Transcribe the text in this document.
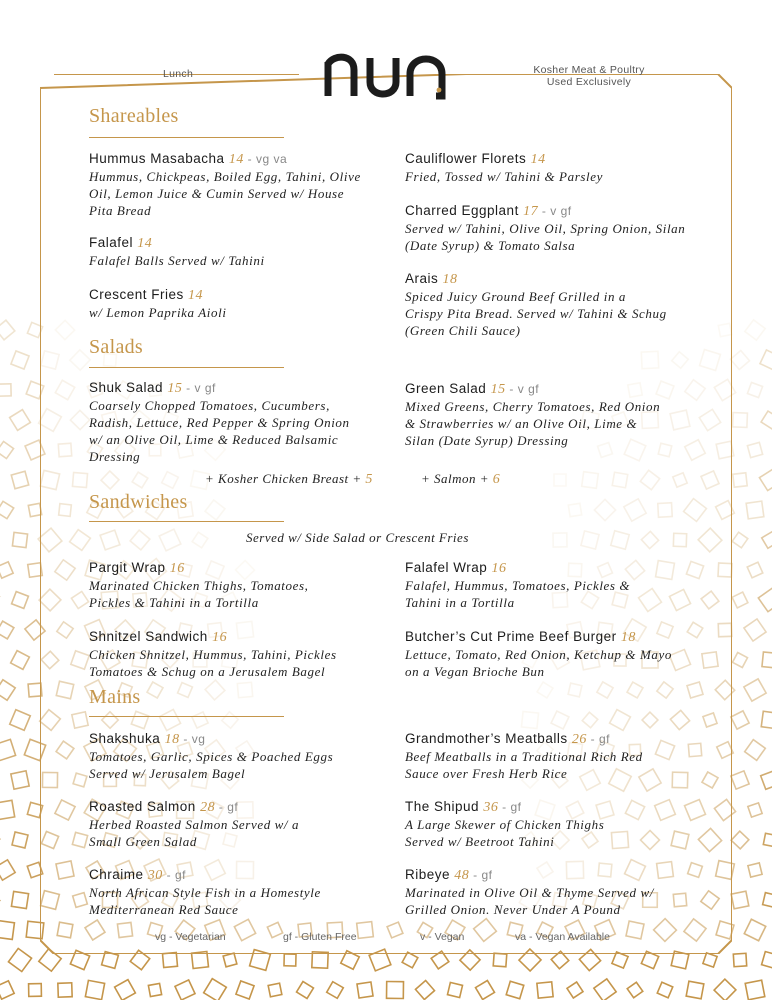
Lunch	Kosher Meat & Poultry
Used Exclusively
Shareables
Hummus Masabacha 14 - vg va
Hummus, Chickpeas, Boiled Egg, Tahini, Olive Oil, Lemon Juice & Cumin Served w/ House Pita Bread
Falafel 14
Falafel Balls Served w/ Tahini
Crescent Fries 14
w/ Lemon Paprika Aioli
Cauliflower Florets 14
Fried, Tossed w/ Tahini & Parsley
Charred Eggplant 17 - v gf
Served w/ Tahini, Olive Oil, Spring Onion, Silan (Date Syrup) & Tomato Salsa
Arais 18
Spiced Juicy Ground Beef Grilled in a Crispy Pita Bread. Served w/ Tahini & Schug (Green Chili Sauce)
Salads
Shuk Salad 15 - v gf
Coarsely Chopped Tomatoes, Cucumbers, Radish, Lettuce, Red Pepper & Spring Onion w/ an Olive Oil, Lime & Reduced Balsamic Dressing
Green Salad 15 - v gf
Mixed Greens, Cherry Tomatoes, Red Onion & Strawberries w/ an Olive Oil, Lime & Silan (Date Syrup) Dressing
+ Kosher Chicken Breast + 5	+ Salmon + 6
Sandwiches
Served w/ Side Salad or Crescent Fries
Pargit Wrap 16
Marinated Chicken Thighs, Tomatoes, Pickles & Tahini in a Tortilla
Shnitzel Sandwich 16
Chicken Shnitzel, Hummus, Tahini, Pickles Tomatoes & Schug on a Jerusalem Bagel
Falafel Wrap 16
Falafel, Hummus, Tomatoes, Pickles & Tahini in a Tortilla
Butcher’s Cut Prime Beef Burger 18
Lettuce, Tomato, Red Onion, Ketchup & Mayo on a Vegan Brioche Bun
Mains
Shakshuka 18 - vg
Tomatoes, Garlic, Spices & Poached Eggs Served w/ Jerusalem Bagel
Roasted Salmon 28 - gf
Herbed Roasted Salmon Served w/ a Small Green Salad
Chraime 30 - gf
North African Style Fish in a Homestyle Mediterranean Red Sauce
Grandmother’s Meatballs 26 - gf
Beef Meatballs in a Traditional Rich Red Sauce over Fresh Herb Rice
The Shipud 36 - gf
A Large Skewer of Chicken Thighs Served w/ Beetroot Tahini
Ribeye 48 - gf
Marinated in Olive Oil & Thyme Served w/ Grilled Onion. Never Under A Pound
vg - Vegetarian	gf - Gluten Free	v - Vegan	va - Vegan Available
